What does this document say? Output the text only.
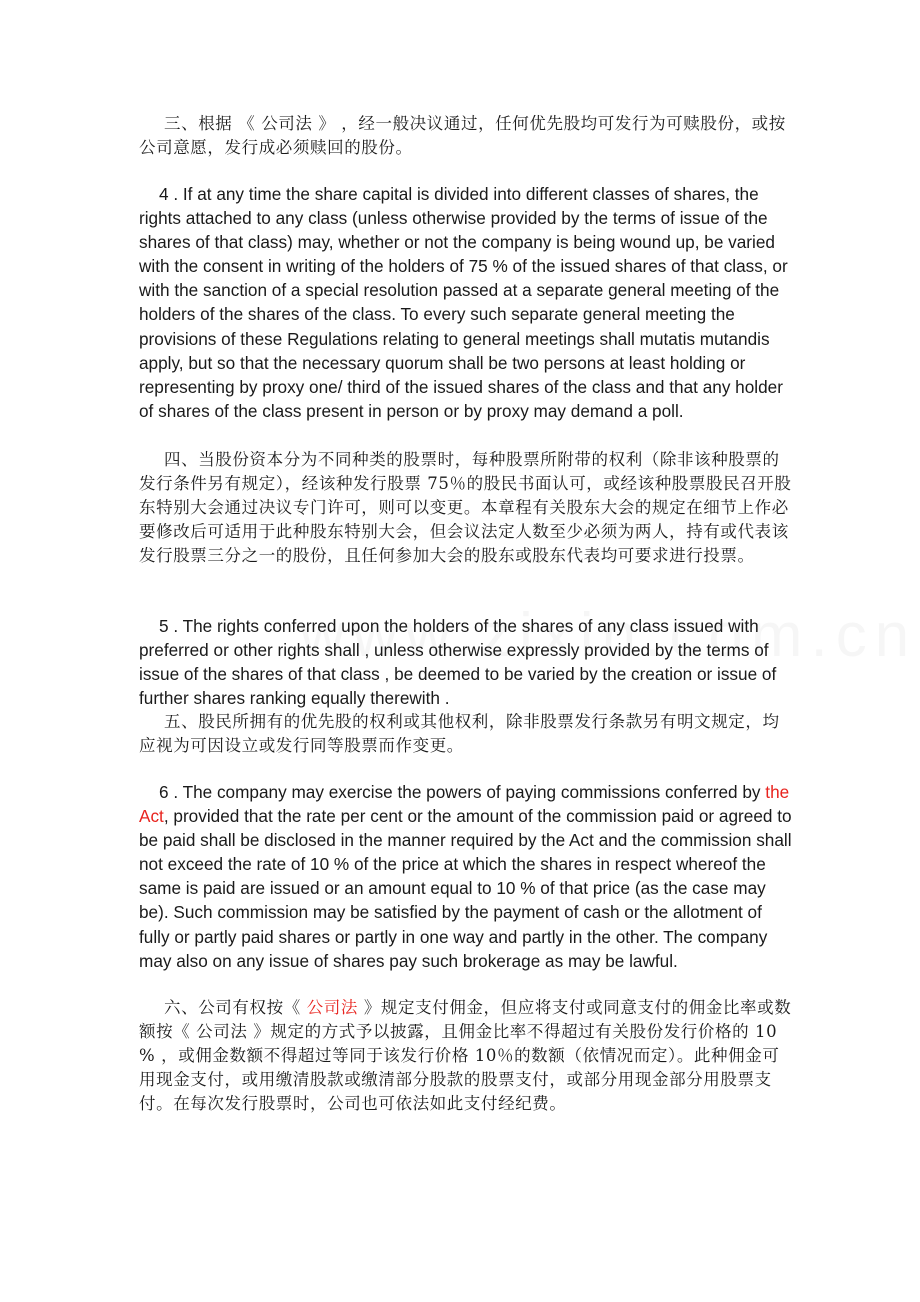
三、根据 《 公司法 》 ，经一般决议通过，任何优先股均可发行为可赎股份，或按公司意愿，发行成必须赎回的股份。

4 . If at any time the share capital is divided into different classes of shares, the rights attached to any class (unless otherwise provided by the terms of issue of the shares of that class) may, whether or not the company is being wound up, be varied with the consent in writing of the holders of 75 % of the issued shares of that class, or with the sanction of a special resolution passed at a separate general meeting of the holders of the shares of the class. To every such separate general meeting the provisions of these Regulations relating to general meetings shall mutatis mutandis apply, but so that the necessary quorum shall be two persons at least holding or representing by proxy one/ third of the issued shares of the class and that any holder of shares of the class present in person or by proxy may demand a poll.

四、当股份资本分为不同种类的股票时，每种股票所附带的权利（除非该种股票的发行条件另有规定），经该种发行股票 75％的股民书面认可，或经该种股票股民召开股东特别大会通过决议专门许可，则可以变更。本章程有关股东大会的规定在细节上作必要修改后可适用于此种股东特别大会，但会议法定人数至少必须为两人，持有或代表该发行股票三分之一的股份，且任何参加大会的股东或股东代表均可要求进行投票。

5 . The rights conferred upon the holders of the shares of any class issued with preferred or other rights shall , unless otherwise expressly provided by the terms of issue of the shares of that class , be deemed to be varied by the creation or issue of further shares ranking equally therewith .

五、股民所拥有的优先股的权利或其他权利，除非股票发行条款另有明文规定，均应视为可因设立或发行同等股票而作变更。

6 . The company may exercise the powers of paying commissions conferred by the Act, provided that the rate per cent or the amount of the commission paid or agreed to be paid shall be disclosed in the manner required by the Act and the commission shall not exceed the rate of 10 % of the price at which the shares in respect whereof the same is paid are issued or an amount equal to 10 % of that price (as the case may be). Such commission may be satisfied by the payment of cash or the allotment of fully or partly paid shares or partly in one way and partly in the other. The company may also on any issue of shares pay such brokerage as may be lawful.

六、公司有权按《 公司法 》规定支付佣金，但应将支付或同意支付的佣金比率或数额按《 公司法 》规定的方式予以披露，且佣金比率不得超过有关股份发行价格的 10 % ，或佣金数额不得超过等同于该发行价格 10％的数额（依情况而定）。此种佣金可用现金支付，或用缴清股款或缴清部分股款的股票支付，或部分用现金部分用股票支付。在每次发行股票时，公司也可依法如此支付经纪费。
